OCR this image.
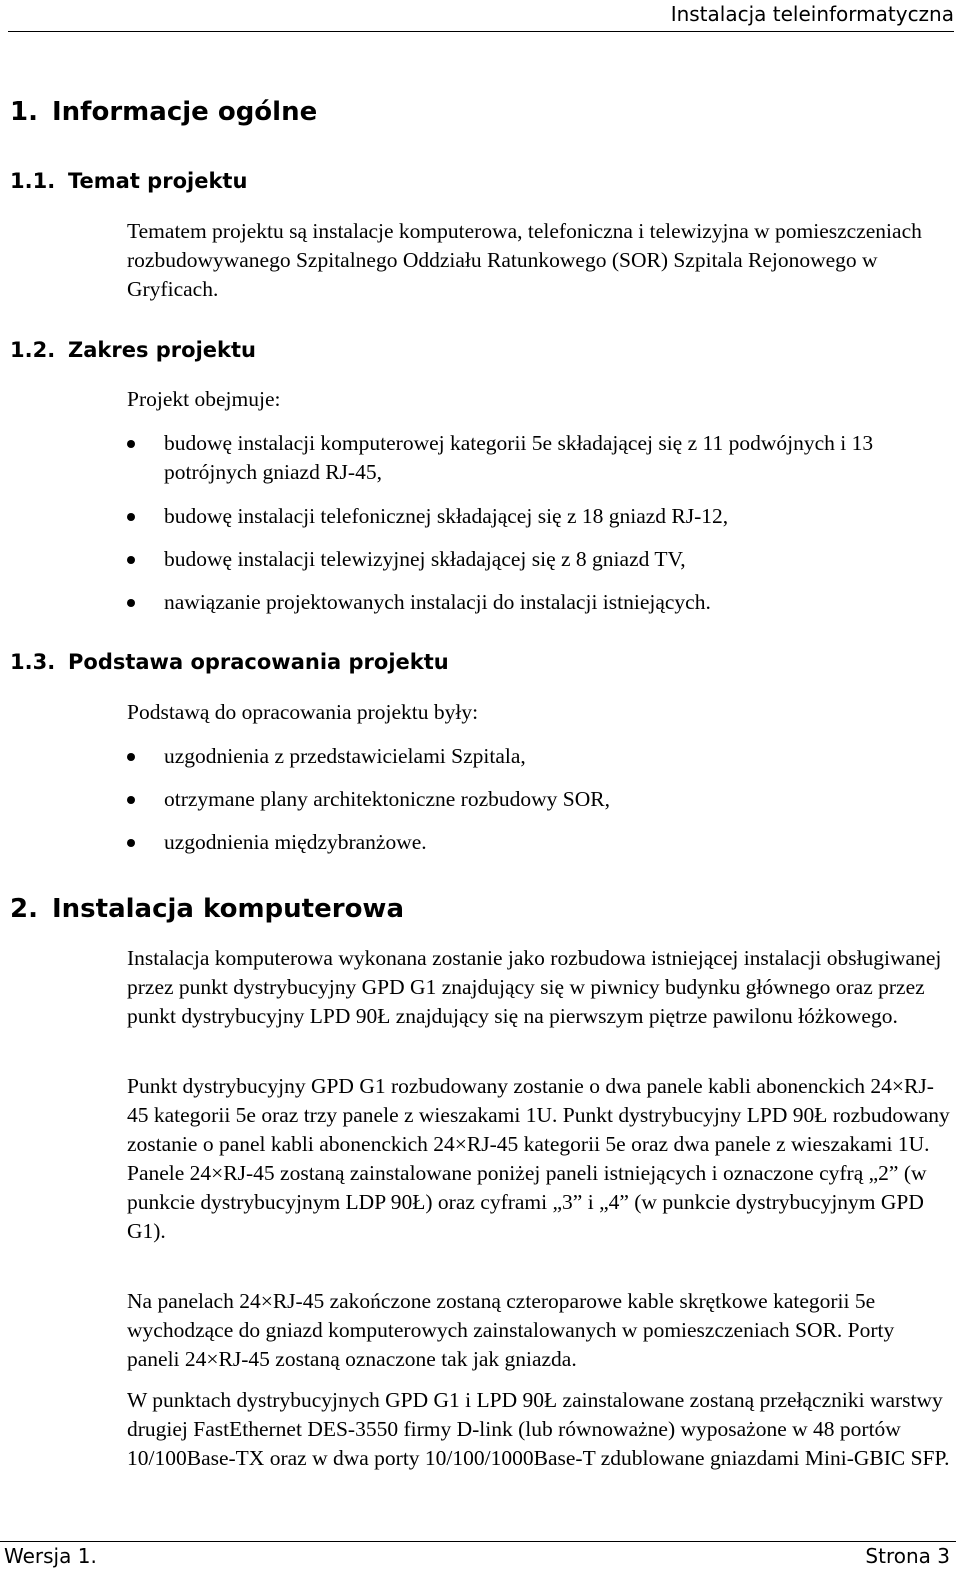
Instalacja teleinformatyczna
1. Informacje ogólne
1.1. Temat projektu

Tematem projektu są instalacje komputerowa, telefoniczna i telewizyjna w pomieszczeniach rozbudowywanego Szpitalnego Oddziału Ratunkowego (SOR) Szpitala Rejonowego w Gryficach.

1.2. Zakres projektu

Projekt obejmuje:

budowę instalacji komputerowej kategorii 5e składającej się z 11 podwójnych i 13 potrójnych gniazd RJ-45,
budowę instalacji telefonicznej składającej się z 18 gniazd RJ-12,
budowę instalacji telewizyjnej składającej się z 8 gniazd TV,
nawiązanie projektowanych instalacji do instalacji istniejących.
1.3. Podstawa opracowania projektu

Podstawą do opracowania projektu były:

uzgodnienia z przedstawicielami Szpitala,
otrzymane plany architektoniczne rozbudowy SOR,
uzgodnienia międzybranżowe.
2. Instalacja komputerowa

Instalacja komputerowa wykonana zostanie jako rozbudowa istniejącej instalacji obsługiwanej przez punkt dystrybucyjny GPD G1 znajdujący się w piwnicy budynku głównego oraz przez punkt dystrybucyjny LPD 90Ł znajdujący się na pierwszym piętrze pawilonu łóżkowego.

Punkt dystrybucyjny GPD G1 rozbudowany zostanie o dwa panele kabli abonenckich 24×RJ-45 kategorii 5e oraz trzy panele z wieszakami 1U. Punkt dystrybucyjny LPD 90Ł rozbudowany zostanie o panel kabli abonenckich 24×RJ-45 kategorii 5e oraz dwa panele z wieszakami 1U. Panele 24×RJ-45 zostaną zainstalowane poniżej paneli istniejących i oznaczone cyfrą „2” (w punkcie dystrybucyjnym LDP 90Ł) oraz cyframi „3” i „4” (w punkcie dystrybucyjnym GPD G1).

Na panelach 24×RJ-45 zakończone zostaną czteroparowe kable skrętkowe kategorii 5e wychodzące do gniazd komputerowych zainstalowanych w pomieszczeniach SOR. Porty paneli 24×RJ-45 zostaną oznaczone tak jak gniazda.

W punktach dystrybucyjnych GPD G1 i LPD 90Ł zainstalowane zostaną przełączniki warstwy drugiej FastEthernet DES-3550 firmy D-link (lub równoważne) wyposażone w 48 portów 10/100Base-TX oraz w dwa porty 10/100/1000Base-T zdublowane gniazdami Mini-GBIC SFP.

Wersja 1.	Strona 3
